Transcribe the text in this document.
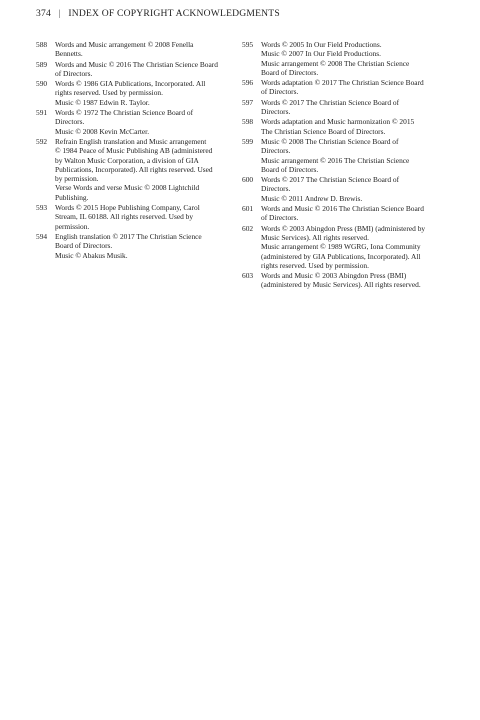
374 | INDEX OF COPYRIGHT ACKNOWLEDGMENTS
588	Words and Music arrangement © 2008 Fenella
Bennetts.
589	Words and Music © 2016 The Christian Science Board
of Directors.
590	Words © 1986 GIA Publications, Incorporated. All
rights reserved. Used by permission.
Music © 1987 Edwin R. Taylor.
591	Words © 1972 The Christian Science Board of
Directors.
Music © 2008 Kevin McCarter.
592	Refrain English translation and Music arrangement
© 1984 Peace of Music Publishing AB (administered
by Walton Music Corporation, a division of GIA
Publications, Incorporated). All rights reserved. Used
by permission.
Verse Words and verse Music © 2008 Lightchild
Publishing.
593	Words © 2015 Hope Publishing Company, Carol
Stream, IL 60188. All rights reserved. Used by
permission.
594	English translation © 2017 The Christian Science
Board of Directors.
Music © Abakus Musik.
595	Words © 2005 In Our Field Productions.
Music © 2007 In Our Field Productions.
Music arrangement © 2008 The Christian Science
Board of Directors.
596	Words adaptation © 2017 The Christian Science Board
of Directors.
597	Words © 2017 The Christian Science Board of
Directors.
598	Words adaptation and Music harmonization © 2015
The Christian Science Board of Directors.
599	Music © 2008 The Christian Science Board of
Directors.
Music arrangement © 2016 The Christian Science
Board of Directors.
600	Words © 2017 The Christian Science Board of
Directors.
Music © 2011 Andrew D. Brewis.
601	Words and Music © 2016 The Christian Science Board
of Directors.
602	Words © 2003 Abingdon Press (BMI) (administered by
Music Services). All rights reserved.
Music arrangement © 1989 WGRG, Iona Community
(administered by GIA Publications, Incorporated). All
rights reserved. Used by permission.
603	Words and Music © 2003 Abingdon Press (BMI)
(administered by Music Services). All rights reserved.
